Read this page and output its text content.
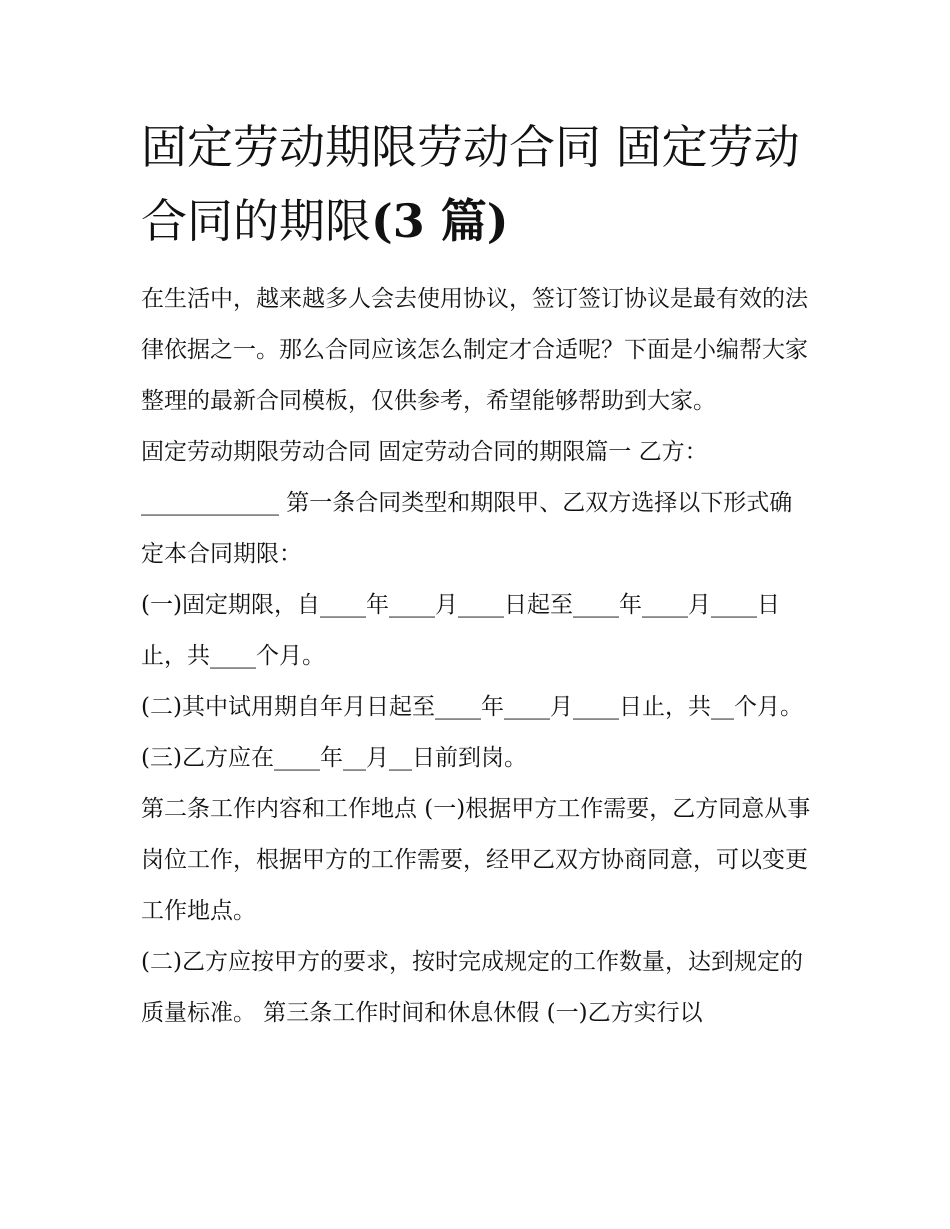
固定劳动期限劳动合同 固定劳动合同的期限(3 篇)

在生活中，越来越多人会去使用协议，签订签订协议是最有效的法律依据之一。那么合同应该怎么制定才合适呢？下面是小编帮大家整理的最新合同模板，仅供参考，希望能够帮助到大家。

固定劳动期限劳动合同 固定劳动合同的期限篇一 乙方：____________ 第一条合同类型和期限甲、乙双方选择以下形式确定本合同期限：

(一)固定期限，自____年____月____日起至____年____月____日止，共____个月。

(二)其中试用期自年月日起至____年____月____日止，共__个月。 (三)乙方应在____年__月__日前到岗。

第二条工作内容和工作地点 (一)根据甲方工作需要，乙方同意从事岗位工作，根据甲方的工作需要，经甲乙双方协商同意，可以变更工作地点。

(二)乙方应按甲方的要求，按时完成规定的工作数量，达到规定的质量标准。 第三条工作时间和休息休假 (一)乙方实行以
